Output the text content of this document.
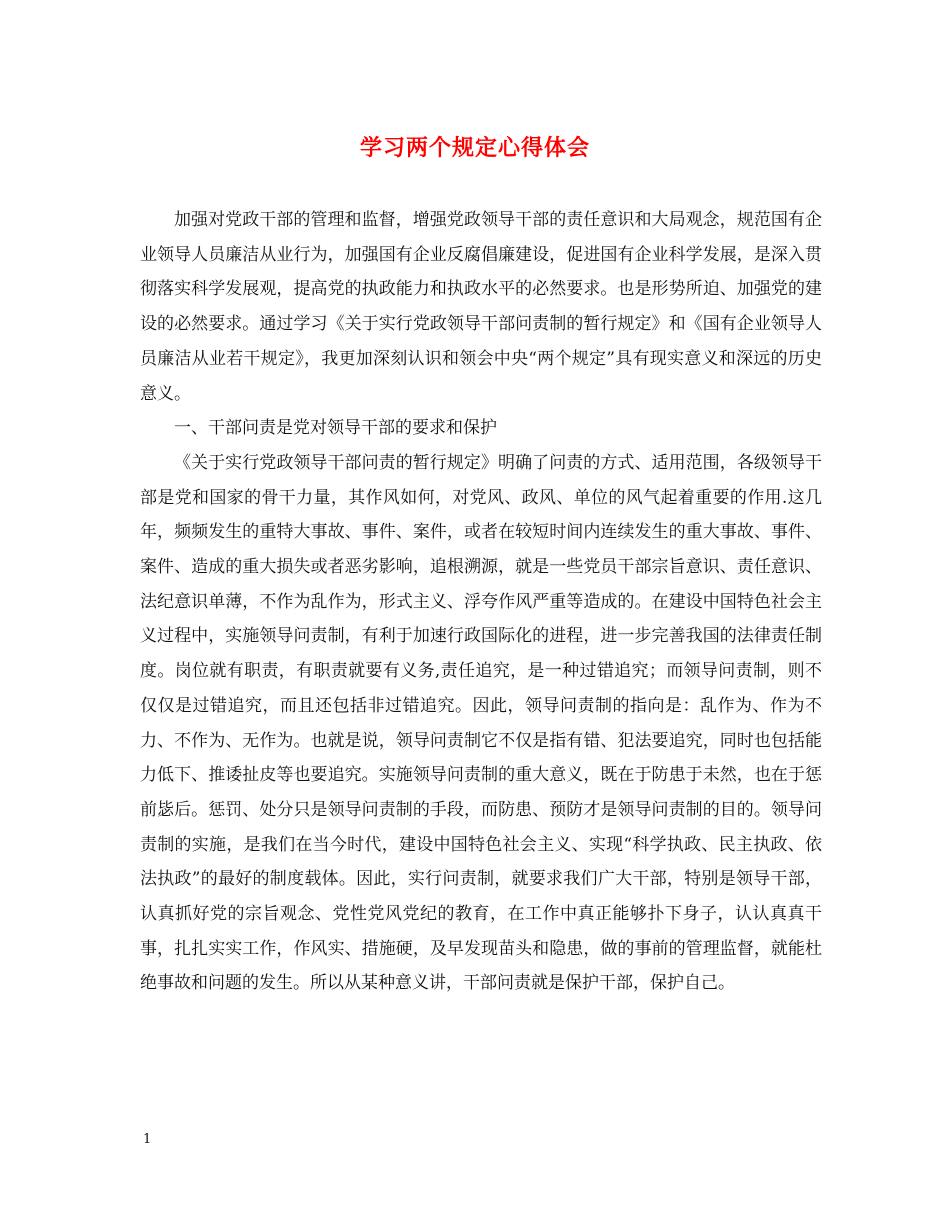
学习两个规定心得体会

加强对党政干部的管理和监督，增强党政领导干部的责任意识和大局观念，规范国有企业领导人员廉洁从业行为，加强国有企业反腐倡廉建设，促进国有企业科学发展，是深入贯彻落实科学发展观，提高党的执政能力和执政水平的必然要求。也是形势所迫、加强党的建设的必然要求。通过学习《关于实行党政领导干部问责制的暂行规定》和《国有企业领导人员廉洁从业若干规定》，我更加深刻认识和领会中央“两个规定”具有现实意义和深远的历史意义。

一、干部问责是党对领导干部的要求和保护

《关于实行党政领导干部问责的暂行规定》明确了问责的方式、适用范围，各级领导干部是党和国家的骨干力量，其作风如何，对党风、政风、单位的风气起着重要的作用.这几年，频频发生的重特大事故、事件、案件，或者在较短时间内连续发生的重大事故、事件、案件、造成的重大损失或者恶劣影响，追根溯源，就是一些党员干部宗旨意识、责任意识、法纪意识单薄，不作为乱作为，形式主义、浮夸作风严重等造成的。在建设中国特色社会主义过程中，实施领导问责制，有利于加速行政国际化的进程，进一步完善我国的法律责任制度。岗位就有职责，有职责就要有义务,责任追究，是一种过错追究；而领导问责制，则不仅仅是过错追究，而且还包括非过错追究。因此，领导问责制的指向是：乱作为、作为不力、不作为、无作为。也就是说，领导问责制它不仅是指有错、犯法要追究，同时也包括能力低下、推诿扯皮等也要追究。实施领导问责制的重大意义，既在于防患于未然，也在于惩前毖后。惩罚、处分只是领导问责制的手段，而防患、预防才是领导问责制的目的。领导问责制的实施，是我们在当今时代，建设中国特色社会主义、实现“科学执政、民主执政、依法执政”的最好的制度载体。因此，实行问责制，就要求我们广大干部，特别是领导干部，认真抓好党的宗旨观念、党性党风党纪的教育，在工作中真正能够扑下身子，认认真真干事，扎扎实实工作，作风实、措施硬，及早发现苗头和隐患，做的事前的管理监督，就能杜绝事故和问题的发生。所以从某种意义讲，干部问责就是保护干部，保护自己。

1
